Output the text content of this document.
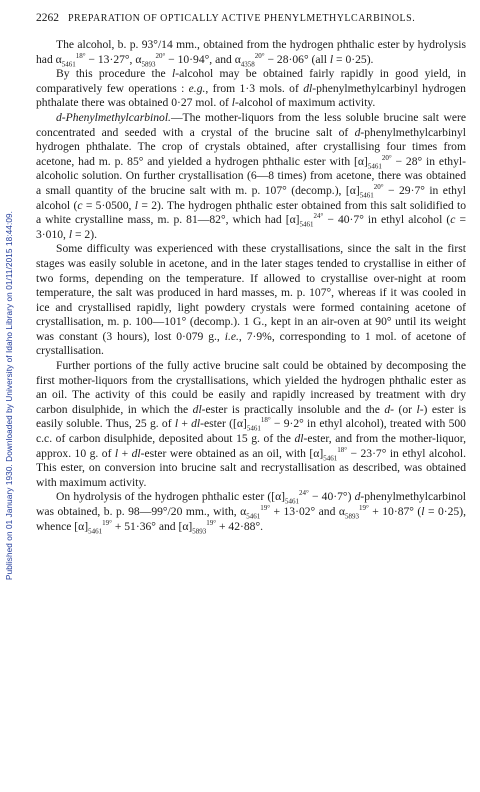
Published on 01 January 1930. Downloaded by University of Idaho Library on 01/11/2015 18:44:09.
2262 PREPARATION OF OPTICALLY ACTIVE PHENYLMETHYLCARBINOLS.

The alcohol, b. p. 93°/14 mm., obtained from the hydrogen phthalic ester by hydrolysis had $\alpha_{5461}^{18^\circ} - 13\cdot 27^\circ$, $\alpha_{5893}^{20^\circ} - 10\cdot 94^\circ$, and $\alpha_{4358}^{20^\circ} - 28\cdot 06^\circ$ (all l = 0·25).

By this procedure the l-alcohol may be obtained fairly rapidly in good yield, in comparatively few operations : e.g., from 1·3 mols. of dl-phenylmethylcarbinyl hydrogen phthalate there was obtained 0·27 mol. of l-alcohol of maximum activity.

d-Phenylmethylcarbinol.—The mother-liquors from the less soluble brucine salt were concentrated and seeded with a crystal of the brucine salt of d-phenylmethylcarbinyl hydrogen phthalate. The crop of crystals obtained, after crystallising four times from acetone, had m. p. 85° and yielded a hydrogen phthalic ester with $[\alpha]_{5461}^{20^\circ} - 28^\circ$ in ethyl-alcoholic solution. On further crystallisation (6—8 times) from acetone, there was obtained a small quantity of the brucine salt with m. p. 107° (decomp.), $[\alpha]_{5461}^{20^\circ} - 29\cdot 7^\circ$ in ethyl alcohol (c = 5·0500, l = 2). The hydrogen phthalic ester obtained from this salt solidified to a white crystalline mass, m. p. 81—82°, which had $[\alpha]_{5461}^{24^\circ} - 40\cdot 7^\circ$ in ethyl alcohol (c = 3·010, l = 2).

Some difficulty was experienced with these crystallisations, since the salt in the first stages was easily soluble in acetone, and in the later stages tended to crystallise in either of two forms, depending on the temperature. If allowed to crystallise over-night at room temperature, the salt was produced in hard masses, m. p. 107°, whereas if it was cooled in ice and crystallised rapidly, light powdery crystals were formed containing acetone of crystallisation, m. p. 100—101° (decomp.). 1 G., kept in an air-oven at 90° until its weight was constant (3 hours), lost 0·079 g., i.e., 7·9%, corresponding to 1 mol. of acetone of crystallisation.

Further portions of the fully active brucine salt could be obtained by decomposing the first mother-liquors from the crystallisations, which yielded the hydrogen phthalic ester as an oil. The activity of this could be easily and rapidly increased by treatment with dry carbon disulphide, in which the dl-ester is practically insoluble and the d- (or l-) ester is easily soluble. Thus, 25 g. of l + dl-ester ($[\alpha]_{5461}^{18^\circ} - 9\cdot 2^\circ$ in ethyl alcohol), treated with 500 c.c. of carbon disulphide, deposited about 15 g. of the dl-ester, and from the mother-liquor, approx. 10 g. of l + dl-ester were obtained as an oil, with $[\alpha]_{5461}^{18^\circ} - 23\cdot 7^\circ$ in ethyl alcohol. This ester, on conversion into brucine salt and recrystallisation as described, was obtained with maximum activity.

On hydrolysis of the hydrogen phthalic ester $([\alpha]_{5461}^{24^\circ} - 40\cdot 7^\circ)$ d-phenylmethylcarbinol was obtained, b. p. 98—99°/20 mm., with, $\alpha_{5461}^{19^\circ} + 13\cdot 02^\circ$ and $\alpha_{5893}^{19^\circ} + 10\cdot 87^\circ$ (l = 0·25), whence $[\alpha]_{5461}^{19^\circ} + 51\cdot 36^\circ$ and $[\alpha]_{5893}^{19^\circ} + 42\cdot 88^\circ$.
